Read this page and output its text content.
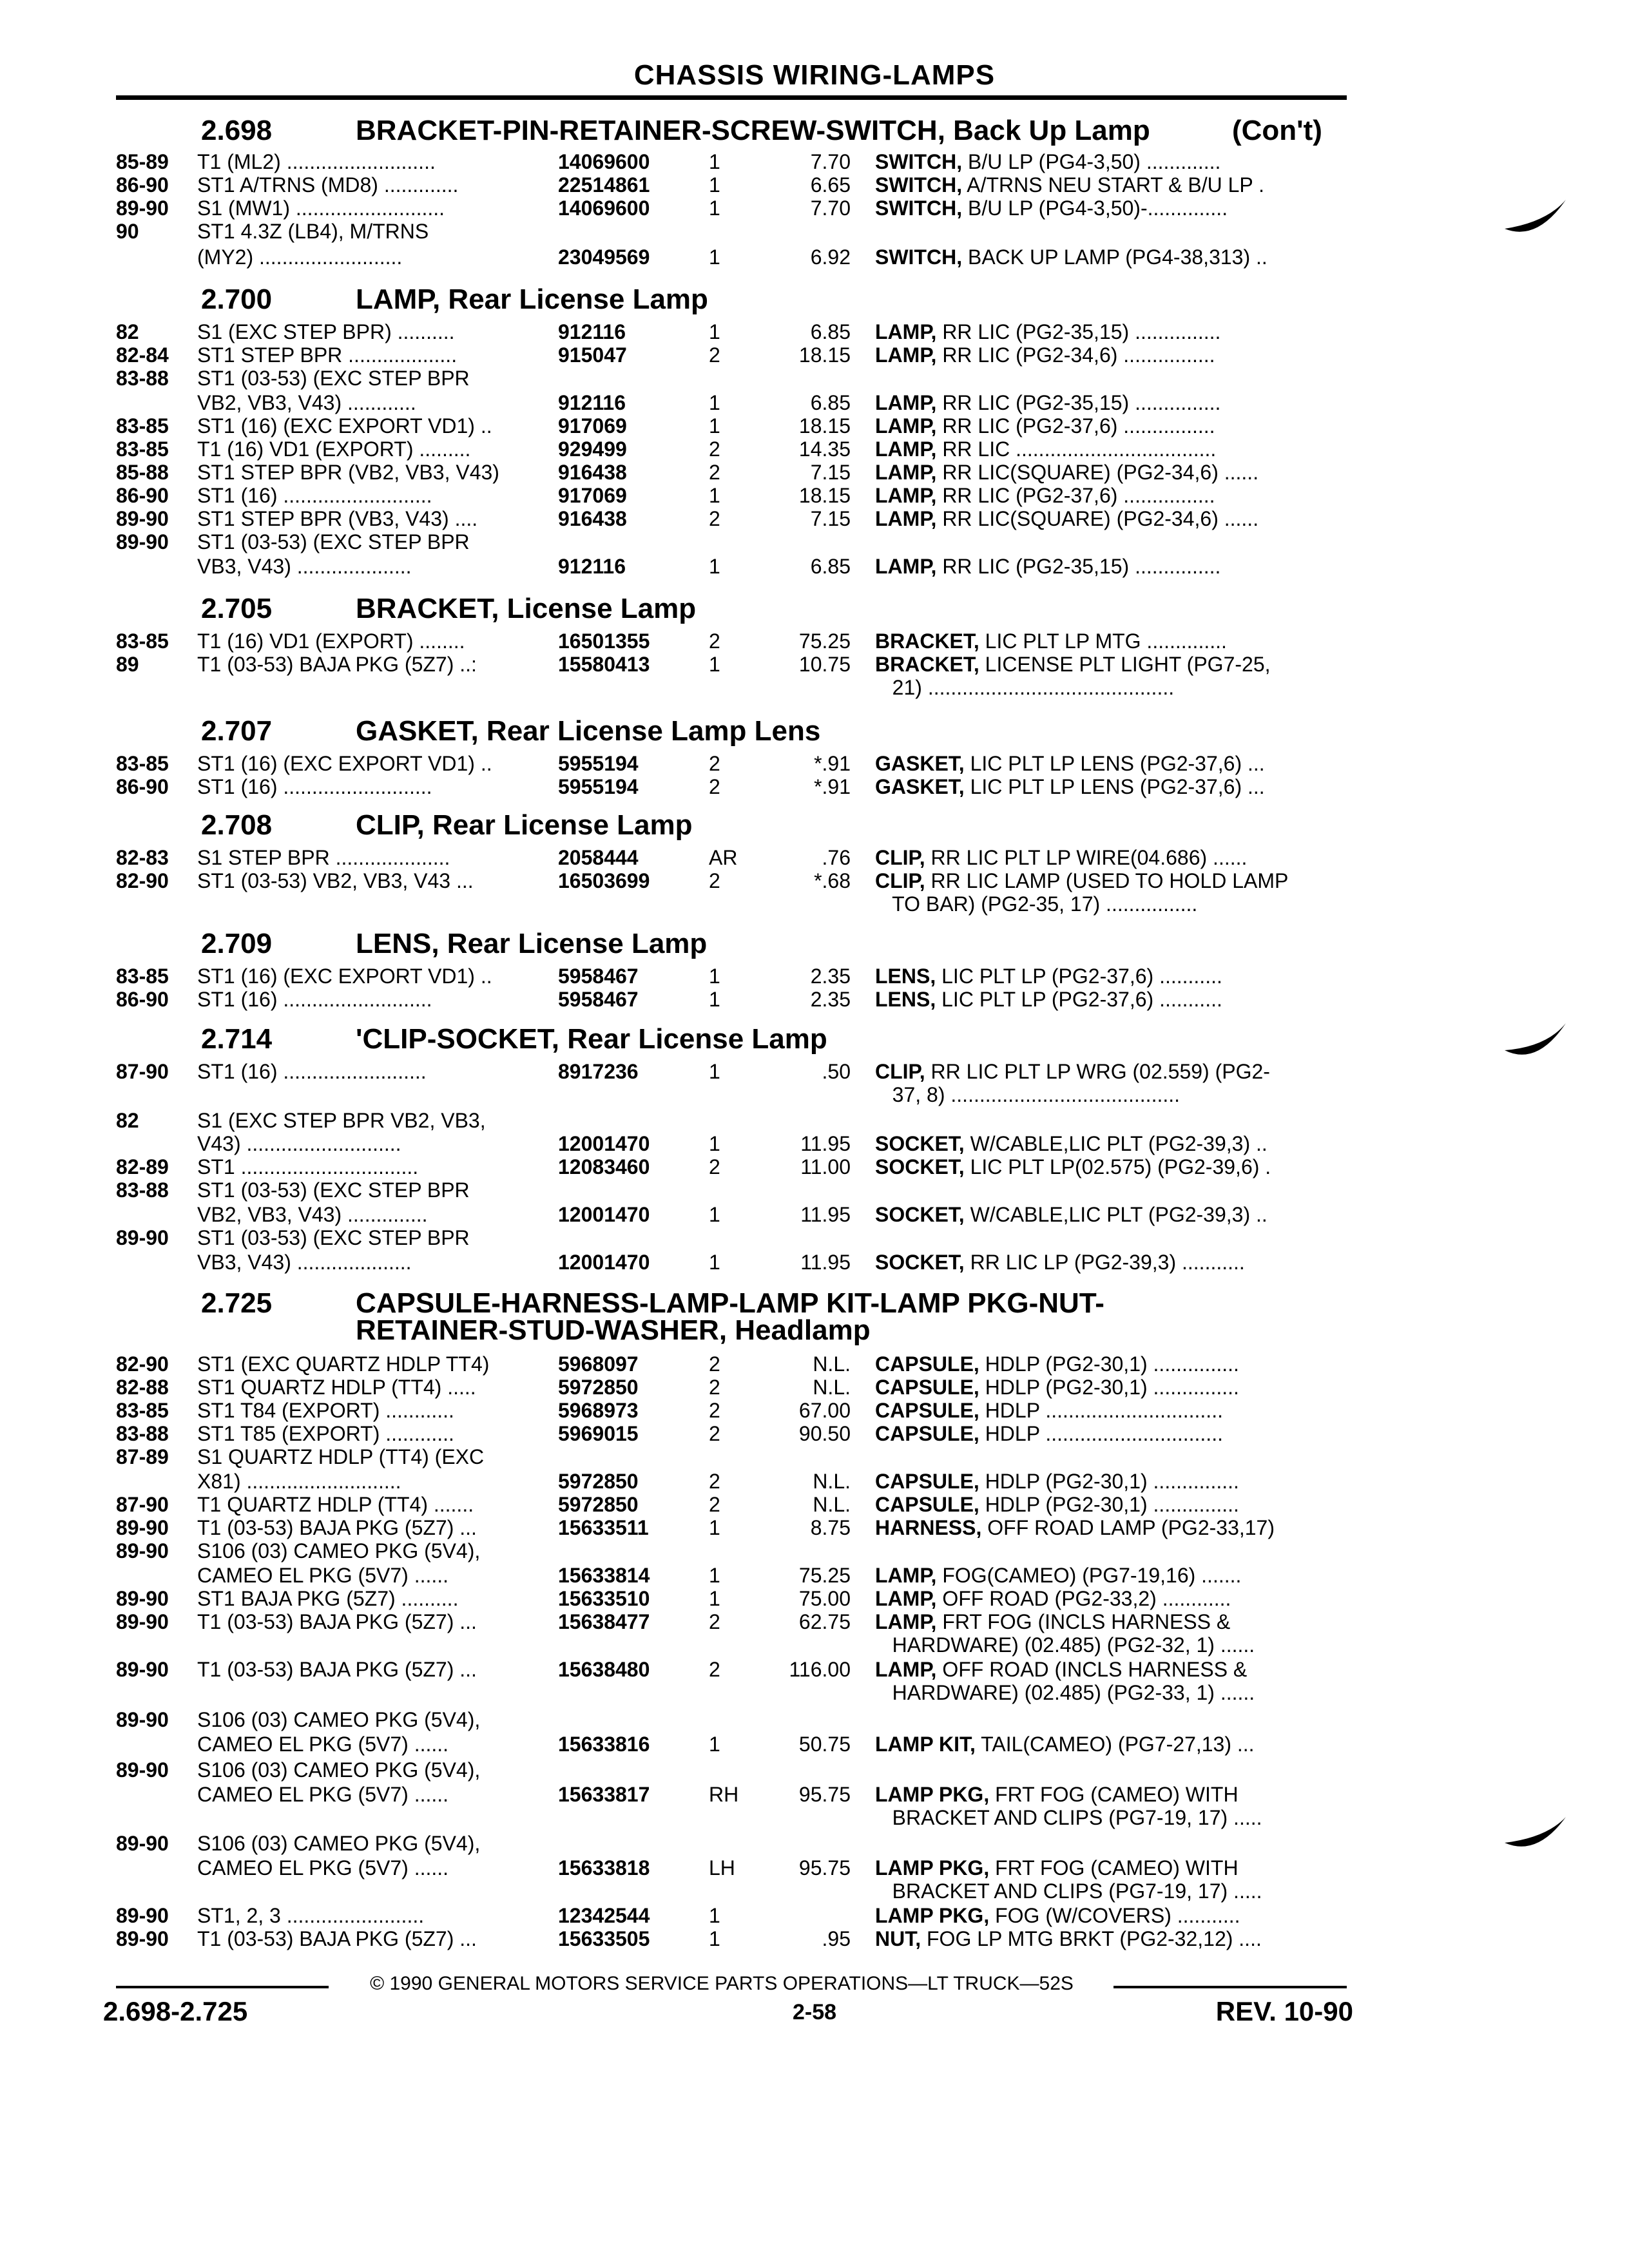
CHASSIS WIRING-LAMPS
2.698	BRACKET-PIN-RETAINER-SCREW-SWITCH, Back Up Lamp	(Con't)
2.700	LAMP, Rear License Lamp
2.705	BRACKET, License Lamp
2.707	GASKET, Rear License Lamp Lens
2.708	CLIP, Rear License Lamp
2.709	LENS, Rear License Lamp
2.714	'CLIP-SOCKET, Rear License Lamp
2.725	CAPSULE-HARNESS-LAMP-LAMP KIT-LAMP PKG-NUT-
RETAINER-STUD-WASHER, Headlamp
85-89	T1 (ML2) ..........................	14069600	1	7.70 SWITCH, B/U LP (PG4-3,50) .............
86-90	ST1 A/TRNS (MD8) .............	22514861	1	6.65 SWITCH, A/TRNS NEU START & B/U LP .
89-90	S1 (MW1) ..........................	14069600	1	7.70 SWITCH, B/U LP (PG4-3,50)-..............
90	ST1 4.3Z (LB4), M/TRNS
(MY2) .........................	23049569	1	6.92 SWITCH, BACK UP LAMP (PG4-38,313) ..
82	S1 (EXC STEP BPR) ..........	912116	1	6.85 LAMP, RR LIC (PG2-35,15) ...............
82-84	ST1 STEP BPR ...................	915047	2	18.15 LAMP, RR LIC (PG2-34,6) ................
83-88	ST1 (03-53) (EXC STEP BPR
VB2, VB3, V43) ............	912116	1	6.85 LAMP, RR LIC (PG2-35,15) ...............
83-85	ST1 (16) (EXC EXPORT VD1) ..	917069	1	18.15 LAMP, RR LIC (PG2-37,6) ................
83-85	T1 (16) VD1 (EXPORT) .........	929499	2	14.35 LAMP, RR LIC ...................................
85-88	ST1 STEP BPR (VB2, VB3, V43)	916438	2	7.15 LAMP, RR LIC(SQUARE) (PG2-34,6) ......
86-90	ST1 (16) ..........................	917069	1	18.15 LAMP, RR LIC (PG2-37,6) ................
89-90	ST1 STEP BPR (VB3, V43) ....	916438	2	7.15 LAMP, RR LIC(SQUARE) (PG2-34,6) ......
89-90	ST1 (03-53) (EXC STEP BPR
VB3, V43) ....................	912116	1	6.85 LAMP, RR LIC (PG2-35,15) ...............
83-85	T1 (16) VD1 (EXPORT) ........	16501355	2	75.25 BRACKET, LIC PLT LP MTG ..............
89	T1 (03-53) BAJA PKG (5Z7) ..:	15580413	1	10.75 BRACKET, LICENSE PLT LIGHT (PG7-25,
21) ...........................................
83-85	ST1 (16) (EXC EXPORT VD1) ..	5955194	2	*.91 GASKET, LIC PLT LP LENS (PG2-37,6) ...
86-90	ST1 (16) ..........................	5955194	2	*.91 GASKET, LIC PLT LP LENS (PG2-37,6) ...
82-83	S1 STEP BPR ....................	2058444	AR	.76 CLIP, RR LIC PLT LP WIRE(04.686) ......
82-90	ST1 (03-53) VB2, VB3, V43 ...	16503699	2	*.68 CLIP, RR LIC LAMP (USED TO HOLD LAMP
TO BAR) (PG2-35, 17) ................
83-85	ST1 (16) (EXC EXPORT VD1) ..	5958467	1	2.35 LENS, LIC PLT LP (PG2-37,6) ...........
86-90	ST1 (16) ..........................	5958467	1	2.35 LENS, LIC PLT LP (PG2-37,6) ...........
87-90	ST1 (16) .........................	8917236	1	.50 CLIP, RR LIC PLT LP WRG (02.559) (PG2-
37, 8) ........................................
82	S1 (EXC STEP BPR VB2, VB3,
V43) ...........................	12001470	1	11.95 SOCKET, W/CABLE,LIC PLT (PG2-39,3) ..
82-89	ST1 ...............................	12083460	2	11.00 SOCKET, LIC PLT LP(02.575) (PG2-39,6) .
83-88	ST1 (03-53) (EXC STEP BPR
VB2, VB3, V43) ..............	12001470	1	11.95 SOCKET, W/CABLE,LIC PLT (PG2-39,3) ..
89-90	ST1 (03-53) (EXC STEP BPR
VB3, V43) ....................	12001470	1	11.95 SOCKET, RR LIC LP (PG2-39,3) ...........
82-90	ST1 (EXC QUARTZ HDLP TT4)	5968097	2	N.L. CAPSULE, HDLP (PG2-30,1) ...............
82-88	ST1 QUARTZ HDLP (TT4) .....	5972850	2	N.L. CAPSULE, HDLP (PG2-30,1) ...............
83-85	ST1 T84 (EXPORT) ............	5968973	2	67.00 CAPSULE, HDLP ...............................
83-88	ST1 T85 (EXPORT) ............	5969015	2	90.50 CAPSULE, HDLP ...............................
87-89	S1 QUARTZ HDLP (TT4) (EXC
X81) ...........................	5972850	2	N.L. CAPSULE, HDLP (PG2-30,1) ...............
87-90	T1 QUARTZ HDLP (TT4) .......	5972850	2	N.L. CAPSULE, HDLP (PG2-30,1) ...............
89-90	T1 (03-53) BAJA PKG (5Z7) ...	15633511	1	8.75 HARNESS, OFF ROAD LAMP (PG2-33,17)
89-90	S106 (03) CAMEO PKG (5V4),
CAMEO EL PKG (5V7) ......	15633814	1	75.25 LAMP, FOG(CAMEO) (PG7-19,16) .......
89-90	ST1 BAJA PKG (5Z7) ..........	15633510	1	75.00 LAMP, OFF ROAD (PG2-33,2) ............
89-90	T1 (03-53) BAJA PKG (5Z7) ...	15638477	2	62.75 LAMP, FRT FOG (INCLS HARNESS &
HARDWARE) (02.485) (PG2-32, 1) ......
89-90	T1 (03-53) BAJA PKG (5Z7) ...	15638480	2	116.00 LAMP, OFF ROAD (INCLS HARNESS &
HARDWARE) (02.485) (PG2-33, 1) ......
89-90	S106 (03) CAMEO PKG (5V4),
CAMEO EL PKG (5V7) ......	15633816	1	50.75 LAMP KIT, TAIL(CAMEO) (PG7-27,13) ...
89-90	S106 (03) CAMEO PKG (5V4),
CAMEO EL PKG (5V7) ......	15633817	RH	95.75 LAMP PKG, FRT FOG (CAMEO) WITH
BRACKET AND CLIPS (PG7-19, 17) .....
89-90	S106 (03) CAMEO PKG (5V4),
CAMEO EL PKG (5V7) ......	15633818	LH	95.75 LAMP PKG, FRT FOG (CAMEO) WITH
BRACKET AND CLIPS (PG7-19, 17) .....
89-90	ST1, 2, 3 ........................	12342544	1	LAMP PKG, FOG (W/COVERS) ...........
89-90	T1 (03-53) BAJA PKG (5Z7) ...	15633505	1	.95 NUT, FOG LP MTG BRKT (PG2-32,12) ....
© 1990 GENERAL MOTORS SERVICE PARTS OPERATIONS—LT TRUCK—52S
2.698-2.725	2-58	REV. 10-90
